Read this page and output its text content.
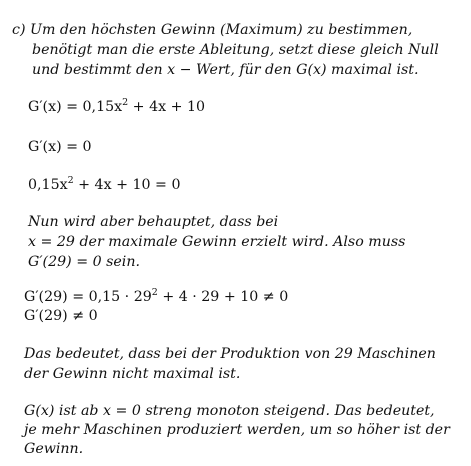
c) Um den höchsten Gewinn (Maximum) zu bestimmen,
benötigt man die erste Ableitung, setzt diese gleich Null
und bestimmt den x − Wert, für den G(x) maximal ist.
$G'(x) = 0,15x^2 + 4x + 10$
G′(x) = 0
$0,15x^2 + 4x + 10 = 0$
Nun wird aber behauptet, dass bei
x = 29 der maximale Gewinn erzielt wird. Also muss
G′(29) = 0 sein.
$G'(29) = 0,15 \cdot 29^2 + 4 \cdot 29 + 10 \ne 0$
G′(29) ≠ 0
Das bedeutet, dass bei der Produktion von 29 Maschinen
der Gewinn nicht maximal ist.
G(x) ist ab x = 0 streng monoton steigend. Das bedeutet,
je mehr Maschinen produziert werden, um so höher ist der
Gewinn.
